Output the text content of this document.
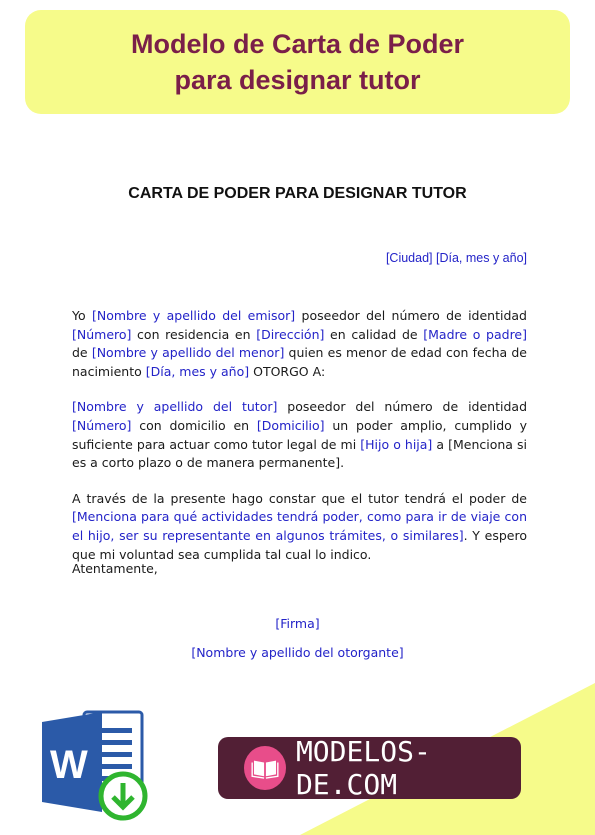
Modelo de Carta de Poder
para designar tutor
CARTA DE PODER PARA DESIGNAR TUTOR
[Ciudad] [Día, mes y año]

Yo [Nombre y apellido del emisor] poseedor del número de identidad [Número] con residencia en [Dirección] en calidad de [Madre o padre] de [Nombre y apellido del menor] quien es menor de edad con fecha de nacimiento [Día, mes y año] OTORGO A:

[Nombre y apellido del tutor] poseedor del número de identidad [Número] con domicilio en [Domicilio] un poder amplio, cumplido y suficiente para actuar como tutor legal de mi [Hijo o hija] a [Menciona si es a corto plazo o de manera permanente].

A través de la presente hago constar que el tutor tendrá el poder de [Menciona para qué actividades tendrá poder, como para ir de viaje con el hijo, ser su representante en algunos trámites, o similares]. Y espero que mi voluntad sea cumplida tal cual lo indico.

Atentamente,
[Firma]
[Nombre y apellido del otorgante]
W	MODELOS-DE.COM
